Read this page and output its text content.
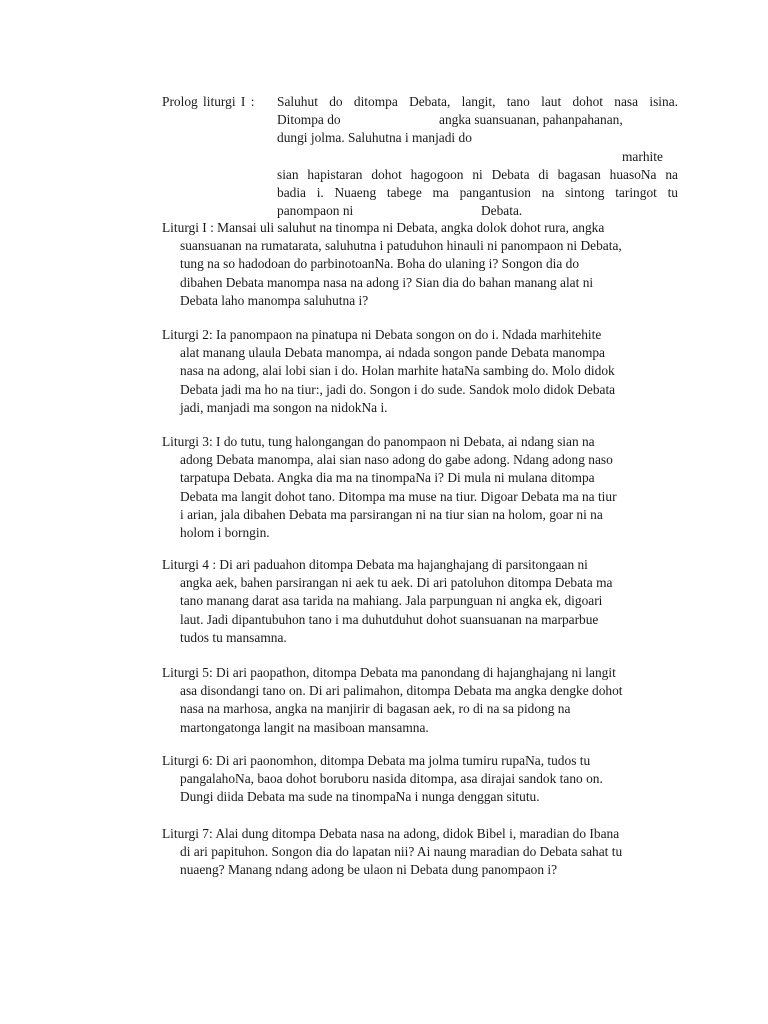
Prolog liturgi I : Saluhut do ditompa Debata, langit, tano laut dohot nasa isina.
Ditompa do	angka suansuanan, pahanpahanan,
dungi jolma. Saluhutna i manjadi do
marhite
sian hapistaran dohot hagogoon ni Debata di bagasan huasoNa na
badia i. Nuaeng tabege ma pangantusion na sintong taringot tu
panompaon ni	Debata.
Liturgi I : Mansai uli saluhut na tinompa ni Debata, angka dolok dohot rura, angka
suansuanan na rumatarata, saluhutna i patuduhon hinauli ni panompaon ni Debata,
tung na so hadodoan do parbinotoanNa. Boha do ulaning i? Songon dia do
dibahen Debata manompa nasa na adong i? Sian dia do bahan manang alat ni
Debata laho manompa saluhutna i?
Liturgi 2: Ia panompaon na pinatupa ni Debata songon on do i. Ndada marhitehite
alat manang ulaula Debata manompa, ai ndada songon pande Debata manompa
nasa na adong, alai lobi sian i do. Holan marhite hataNa sambing do. Molo didok
Debata jadi ma ho na tiur:, jadi do. Songon i do sude. Sandok molo didok Debata
jadi, manjadi ma songon na nidokNa i.
Liturgi 3: I do tutu, tung halongangan do panompaon ni Debata, ai ndang sian na
adong Debata manompa, alai sian naso adong do gabe adong. Ndang adong naso
tarpatupa Debata. Angka dia ma na tinompaNa i? Di mula ni mulana ditompa
Debata ma langit dohot tano. Ditompa ma muse na tiur. Digoar Debata ma na tiur
i arian, jala dibahen Debata ma parsirangan ni na tiur sian na holom, goar ni na
holom i borngin.
Liturgi 4 : Di ari paduahon ditompa Debata ma hajanghajang di parsitongaan ni
angka aek, bahen parsirangan ni aek tu aek. Di ari patoluhon ditompa Debata ma
tano manang darat asa tarida na mahiang. Jala parpunguan ni angka ek, digoari
laut. Jadi dipantubuhon tano i ma duhutduhut dohot suansuanan na marparbue
tudos tu mansamna.
Liturgi 5: Di ari paopathon, ditompa Debata ma panondang di hajanghajang ni langit
asa disondangi tano on. Di ari palimahon, ditompa Debata ma angka dengke dohot
nasa na marhosa, angka na manjirir di bagasan aek, ro di na sa pidong na
martongatonga langit na masiboan mansamna.
Liturgi 6: Di ari paonomhon, ditompa Debata ma jolma tumiru rupaNa, tudos tu
pangalahoNa, baoa dohot boruboru nasida ditompa, asa dirajai sandok tano on.
Dungi diida Debata ma sude na tinompaNa i nunga denggan situtu.
Liturgi 7: Alai dung ditompa Debata nasa na adong, didok Bibel i, maradian do Ibana
di ari papituhon. Songon dia do lapatan nii? Ai naung maradian do Debata sahat tu
nuaeng? Manang ndang adong be ulaon ni Debata dung panompaon i?
